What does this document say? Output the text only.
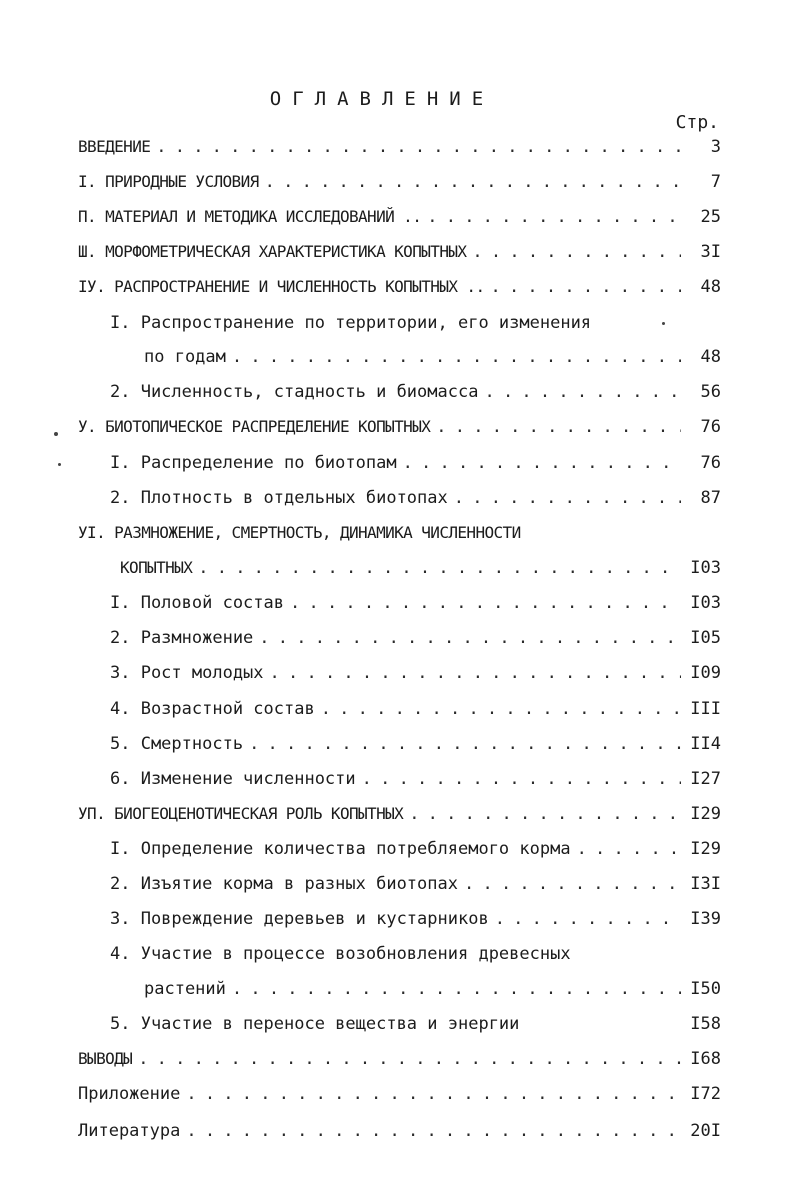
ОГЛАВЛЕНИЕ
Стр.
ВВЕДЕНИЕ . . .	3
I. ПРИРОДНЫЕ УСЛОВИЯ . . .	7
П. МАТЕРИАЛ И МЕТОДИКА ИССЛЕДОВАНИЙ .. . . .	25
Ш. МОРФОМЕТРИЧЕСКАЯ ХАРАКТЕРИСТИКА КОПЫТНЫХ . . .	3I
IУ. РАСПРОСТРАНЕНИЕ И ЧИСЛЕННОСТЬ КОПЫТНЫХ .. . . .	48
I. Распространение по территории, его изменения
по годам . . .	48
2. Численность, стадность и биомасса . . .	56
У. БИОТОПИЧЕСКОЕ РАСПРЕДЕЛЕНИЕ КОПЫТНЫХ . . .	76
I. Распределение по биотопам . . .	76
2. Плотность в отдельных биотопах . . .	87
УI. РАЗМНОЖЕНИЕ, СМЕРТНОСТЬ, ДИНАМИКА ЧИСЛЕННОСТИ
КОПЫТНЫХ . . .	I03
I. Половой состав . . .	I03
2. Размножение . . .	I05
3. Рост молодых . . .	I09
4. Возрастной состав . . .	III
5. Смертность . . .	II4
6. Изменение численности . . .	I27
УП. БИОГЕОЦЕНОТИЧЕСКАЯ РОЛЬ КОПЫТНЫХ . . .	I29
I. Определение количества потребляемого корма . . .	I29
2. Изъятие корма в разных биотопах . . .	I3I
3. Повреждение деревьев и кустарников . . .	I39
4. Участие в процессе возобновления древесных
растений . . .	I50
5. Участие в переносе вещества и энергии	I58
ВЫВОДЫ . . .	I68
Приложение . . .	I72
Литература . . .	20I
